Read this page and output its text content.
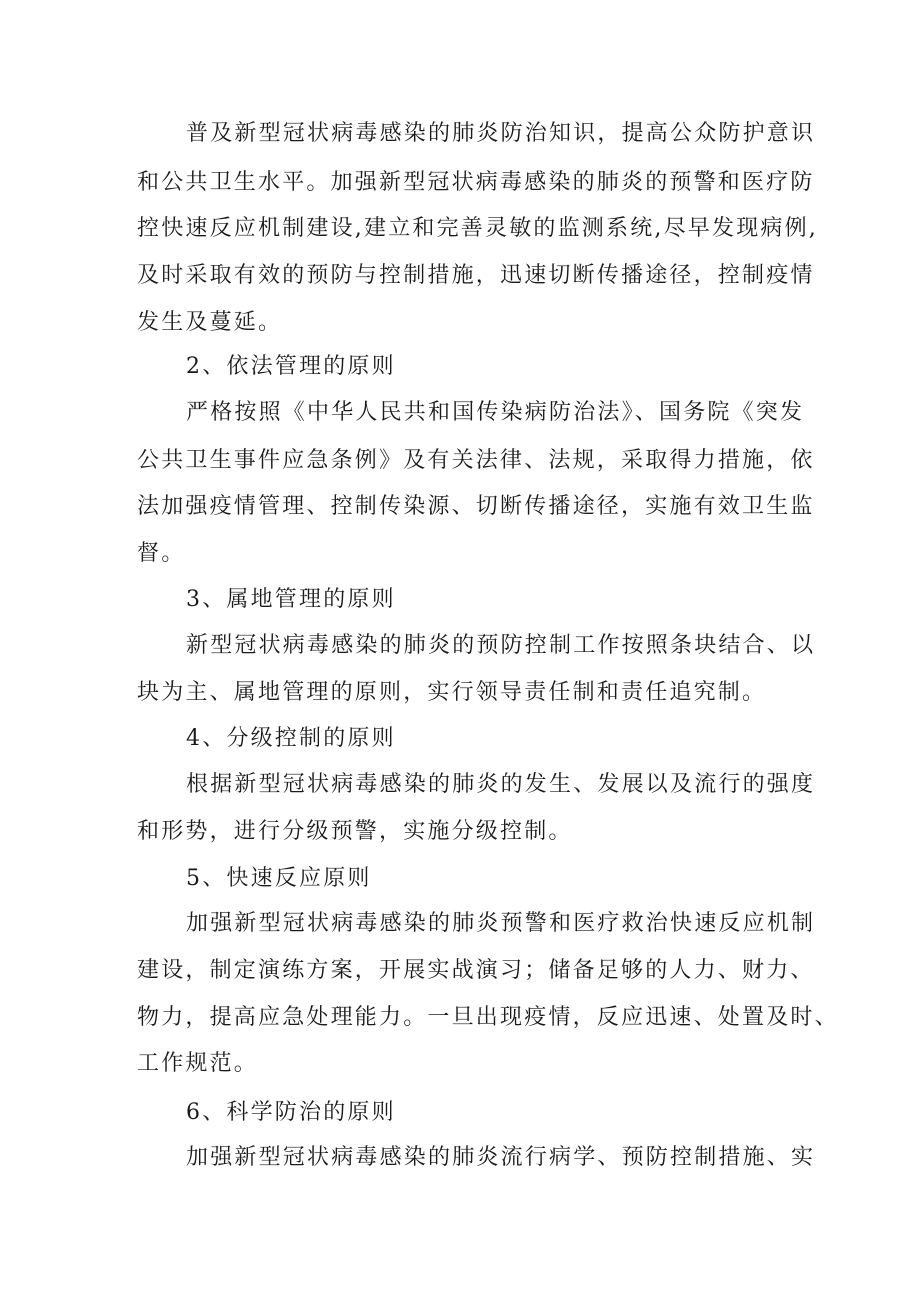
普及新型冠状病毒感染的肺炎防治知识，提高公众防护意识
和公共卫生水平。加强新型冠状病毒感染的肺炎的预警和医疗防
控快速反应机制建设,建立和完善灵敏的监测系统,尽早发现病例,
及时采取有效的预防与控制措施，迅速切断传播途径，控制疫情
发生及蔓延。
2、依法管理的原则
严格按照《中华人民共和国传染病防治法》、国务院《突发
公共卫生事件应急条例》及有关法律、法规，采取得力措施，依
法加强疫情管理、控制传染源、切断传播途径，实施有效卫生监
督。
3、属地管理的原则
新型冠状病毒感染的肺炎的预防控制工作按照条块结合、以
块为主、属地管理的原则，实行领导责任制和责任追究制。
4、分级控制的原则
根据新型冠状病毒感染的肺炎的发生、发展以及流行的强度
和形势，进行分级预警，实施分级控制。
5、快速反应原则
加强新型冠状病毒感染的肺炎预警和医疗救治快速反应机制
建设，制定演练方案，开展实战演习；储备足够的人力、财力、
物力，提高应急处理能力。一旦出现疫情，反应迅速、处置及时、
工作规范。
6、科学防治的原则
加强新型冠状病毒感染的肺炎流行病学、预防控制措施、实
